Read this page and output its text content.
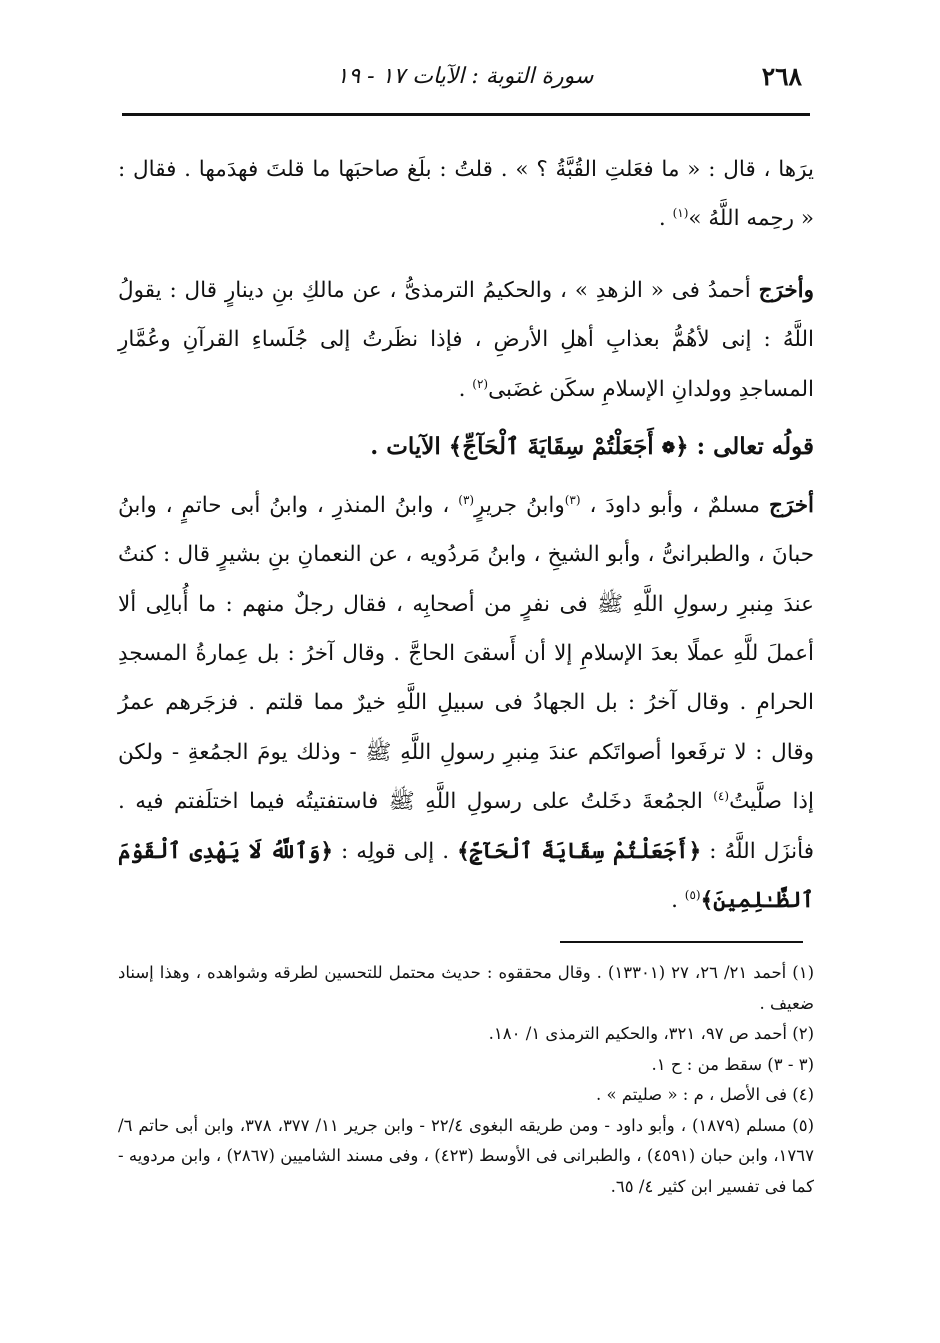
٢٦٨
سورة التوبة : الآيات ١٧ - ١٩

يرَها ، قال : « ما فعَلتِ القُبَّةُ ؟ » . قلتُ : بلَغ صاحبَها ما قلتَ فهدَمها . فقال : « رحِمه اللَّهُ »$^{(١)}$ .

وأخرَج أحمدُ فى « الزهدِ » ، والحكيمُ الترمذىُّ ، عن مالكِ بنِ دينارٍ قال : يقولُ اللَّهُ : إنى لأهُمُّ بعذابِ أهلِ الأرضِ ، فإذا نظَرتُ إلى جُلَساءِ القرآنِ وعُمَّارِ المساجدِ وولدانِ الإسلامِ سكَن غضَبى$^{(٢)}$ .

قولُه تعالى : ﴿❁ أَجَعَلْتُمْ سِقَايَةَ ٱلْحَآجِّ﴾ الآيات .

أخرَج مسلمٌ ، وأبو داودَ ، $^{(٣)}$وابنُ جريرٍ$^{(٣)}$ ، وابنُ المنذرِ ، وابنُ أبى حاتمٍ ، وابنُ حبانَ ، والطبرانىُّ ، وأبو الشيخِ ، وابنُ مَردُويه ، عن النعمانِ بنِ بشيرٍ قال : كنتُ عندَ مِنبرِ رسولِ اللَّهِ ﷺ فى نفرٍ من أصحابِه ، فقال رجلٌ منهم : ما أُبالِى ألا أعملَ للَّهِ عملًا بعدَ الإسلامِ إلا أن أَسقىَ الحاجَّ . وقال آخرُ : بل عِمارةُ المسجدِ الحرامِ . وقال آخرُ : بل الجهادُ فى سبيلِ اللَّهِ خيرٌ مما قلتم . فزجَرهم عمرُ وقال : لا ترفَعوا أصواتَكم عندَ مِنبرِ رسولِ اللَّهِ ﷺ - وذلك يومَ الجمُعةِ - ولكن إذا صلَّيتُ$^{(٤)}$ الجمُعةَ دخَلتُ على رسولِ اللَّهِ ﷺ فاستفتيتُه فيما اختلَفتم فيه . فأنزَل اللَّهُ : ﴿أَجَعَلْتُمْ سِقَايَةَ ٱلْحَآجِّ﴾ . إلى قولِه : ﴿وَٱللَّهُ لَا يَهْدِى ٱلْقَوْمَ ٱلظَّـٰلِمِينَ﴾$^{(٥)}$ .

(١) أحمد ٢١/ ٢٦، ٢٧ (١٣٣٠١) . وقال محققوه : حديث محتمل للتحسين لطرقه وشواهده ، وهذا إسناد ضعيف .

(٢) أحمد ص ٩٧، ٣٢١، والحكيم الترمذى ١/ ١٨٠.

(٣ - ٣) سقط من : ح ١.

(٤) فى الأصل ، م : « صليتم » .

(٥) مسلم (١٨٧٩) ، وأبو داود - ومن طريقه البغوى ٢٢/٤ - وابن جرير ١١/ ٣٧٧، ٣٧٨، وابن أبى حاتم ٦/ ١٧٦٧، وابن حبان (٤٥٩١) ، والطبرانى فى الأوسط (٤٢٣) ، وفى مسند الشاميين (٢٨٦٧) ، وابن مردويه - كما فى تفسير ابن كثير ٤/ ٦٥.
